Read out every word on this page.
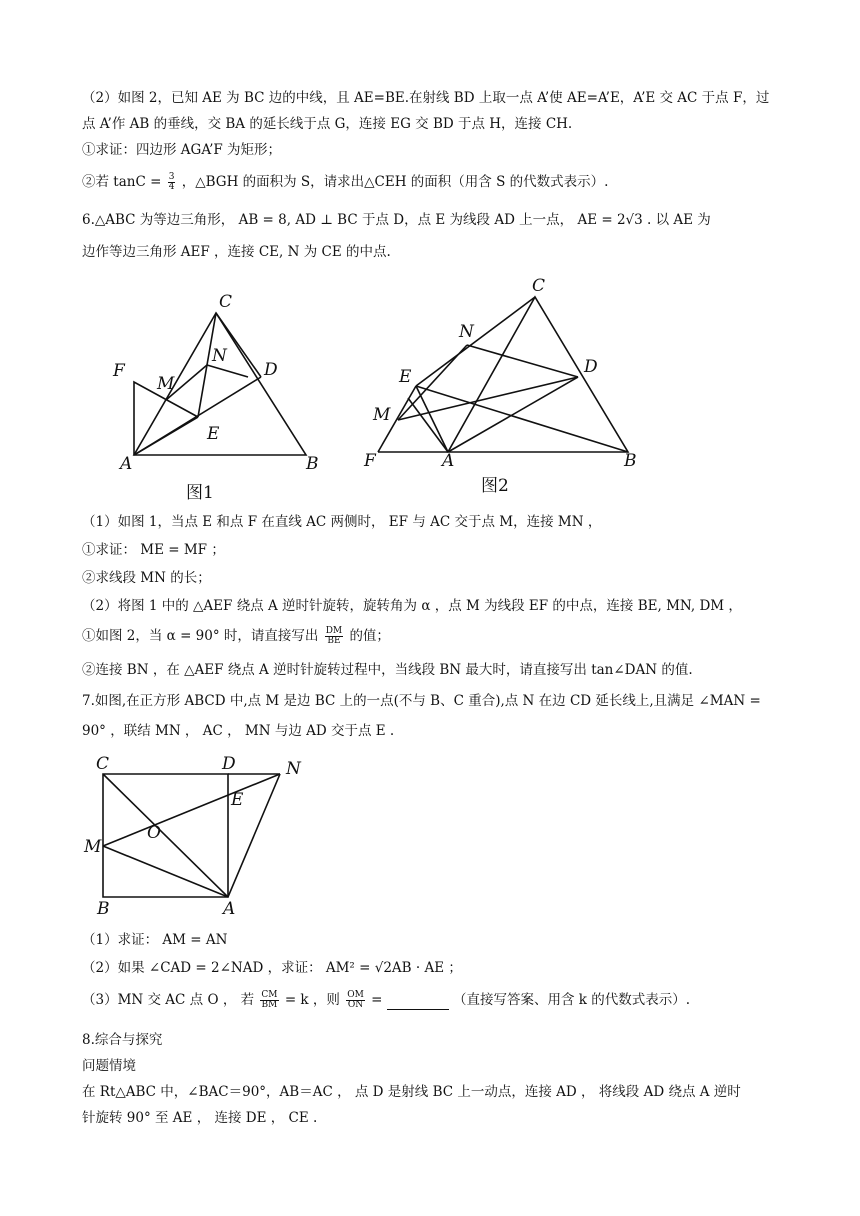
（2）如图 2，已知 AE 为 BC 边的中线，且 AE=BE.在射线 BD 上取一点 A’使 AE=A’E，A’E 交 AC 于点 F，过
点 A’作 AB 的垂线，交 BA 的延长线于点 G，连接 EG 交 BD 于点 H，连接 CH.
①求证：四边形 AGA’F 为矩形；
②若 $\tan C = \frac{3}{4}$ ，△BGH 的面积为 S，请求出△CEH 的面积（用含 S 的代数式表示）.
6.△ABC 为等边三角形， AB = 8, AD ⊥ BC 于点 D，点 E 为线段 AD 上一点， AE = 2√3 . 以 AE 为
边作等边三角形 AEF ，连接 CE, N 为 CE 的中点.
C
F
M
N
D
E
A	B
图1
C
N
D
E
M
F	A	B
图2
（1）如图 1，当点 E 和点 F 在直线 AC 两侧时， EF 与 AC 交于点 M，连接 MN ，
①求证： ME = MF ；
②求线段 MN 的长；
（2）将图 1 中的 △AEF 绕点 A 逆时针旋转，旋转角为 α ，点 M 为线段 EF 的中点，连接 BE, MN, DM ，
①如图 2，当 α = 90° 时，请直接写出 $\frac{DM}{BE}$ 的值；
②连接 BN ，在 △AEF 绕点 A 逆时针旋转过程中，当线段 BN 最大时，请直接写出 tan∠DAN 的值.
7.如图,在正方形 ABCD 中,点 M 是边 BC 上的一点(不与 B、C 重合),点 N 在边 CD 延长线上,且满足 ∠MAN =
90° ，联结 MN ， AC ， MN 与边 AD 交于点 E .
C	D	N
E
O
M
B	A
（1）求证： AM = AN
（2）如果 ∠CAD = 2∠NAD ，求证： AM² = √2AB · AE ；
（3）MN 交 AC 点 O ， 若 $\frac{CM}{BM} = k$ ，则 $\frac{OM}{ON}$ =	（直接写答案、用含 k 的代数式表示）.
8.综合与探究
问题情境
在 Rt△ABC 中，∠BAC＝90°，AB＝AC ， 点 D 是射线 BC 上一动点，连接 AD ， 将线段 AD 绕点 A 逆时
针旋转 90° 至 AE ， 连接 DE ， CE .
